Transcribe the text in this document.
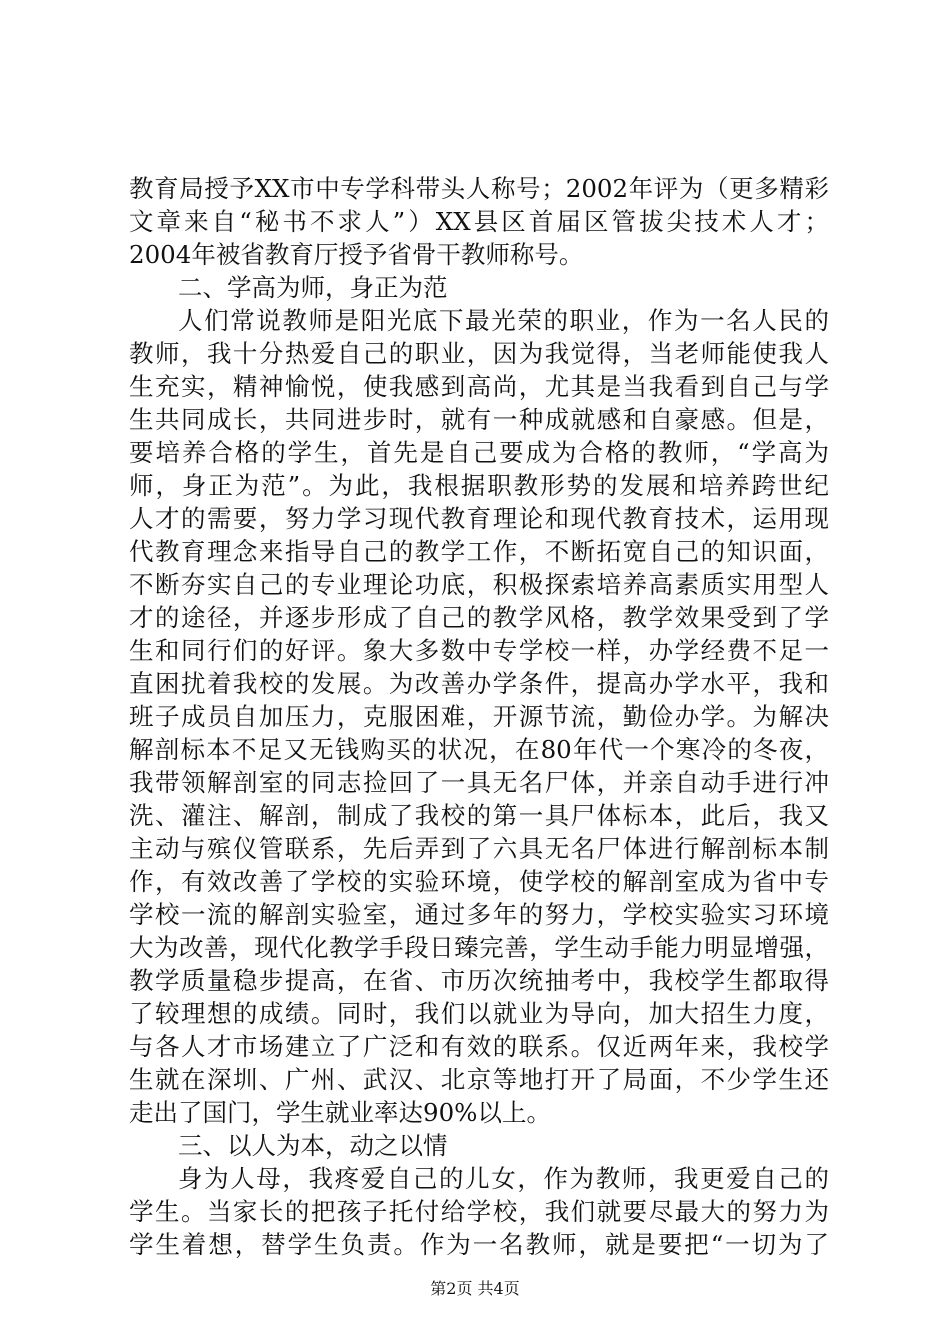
教育局授予XX市中专学科带头人称号；2002年评为（更多精彩
文章来自“秘书不求人”）XX县区首届区管拔尖技术人才；
2004年被省教育厅授予省骨干教师称号。
二、学高为师，身正为范
人们常说教师是阳光底下最光荣的职业，作为一名人民的
教师，我十分热爱自己的职业，因为我觉得，当老师能使我人
生充实，精神愉悦，使我感到高尚，尤其是当我看到自己与学
生共同成长，共同进步时，就有一种成就感和自豪感。但是，
要培养合格的学生，首先是自己要成为合格的教师，“学高为
师，身正为范”。为此，我根据职教形势的发展和培养跨世纪
人才的需要，努力学习现代教育理论和现代教育技术，运用现
代教育理念来指导自己的教学工作，不断拓宽自己的知识面，
不断夯实自己的专业理论功底，积极探索培养高素质实用型人
才的途径，并逐步形成了自己的教学风格，教学效果受到了学
生和同行们的好评。象大多数中专学校一样，办学经费不足一
直困扰着我校的发展。为改善办学条件，提高办学水平，我和
班子成员自加压力，克服困难，开源节流，勤俭办学。为解决
解剖标本不足又无钱购买的状况，在80年代一个寒冷的冬夜，
我带领解剖室的同志捡回了一具无名尸体，并亲自动手进行冲
洗、灌注、解剖，制成了我校的第一具尸体标本，此后，我又
主动与殡仪管联系，先后弄到了六具无名尸体进行解剖标本制
作，有效改善了学校的实验环境，使学校的解剖室成为省中专
学校一流的解剖实验室，通过多年的努力，学校实验实习环境
大为改善，现代化教学手段日臻完善，学生动手能力明显增强，
教学质量稳步提高，在省、市历次统抽考中，我校学生都取得
了较理想的成绩。同时，我们以就业为导向，加大招生力度，
与各人才市场建立了广泛和有效的联系。仅近两年来，我校学
生就在深圳、广州、武汉、北京等地打开了局面，不少学生还
走出了国门，学生就业率达90%以上。
三、以人为本，动之以情
身为人母，我疼爱自己的儿女，作为教师，我更爱自己的
学生。当家长的把孩子托付给学校，我们就要尽最大的努力为
学生着想，替学生负责。作为一名教师，就是要把“一切为了
第2页 共4页
